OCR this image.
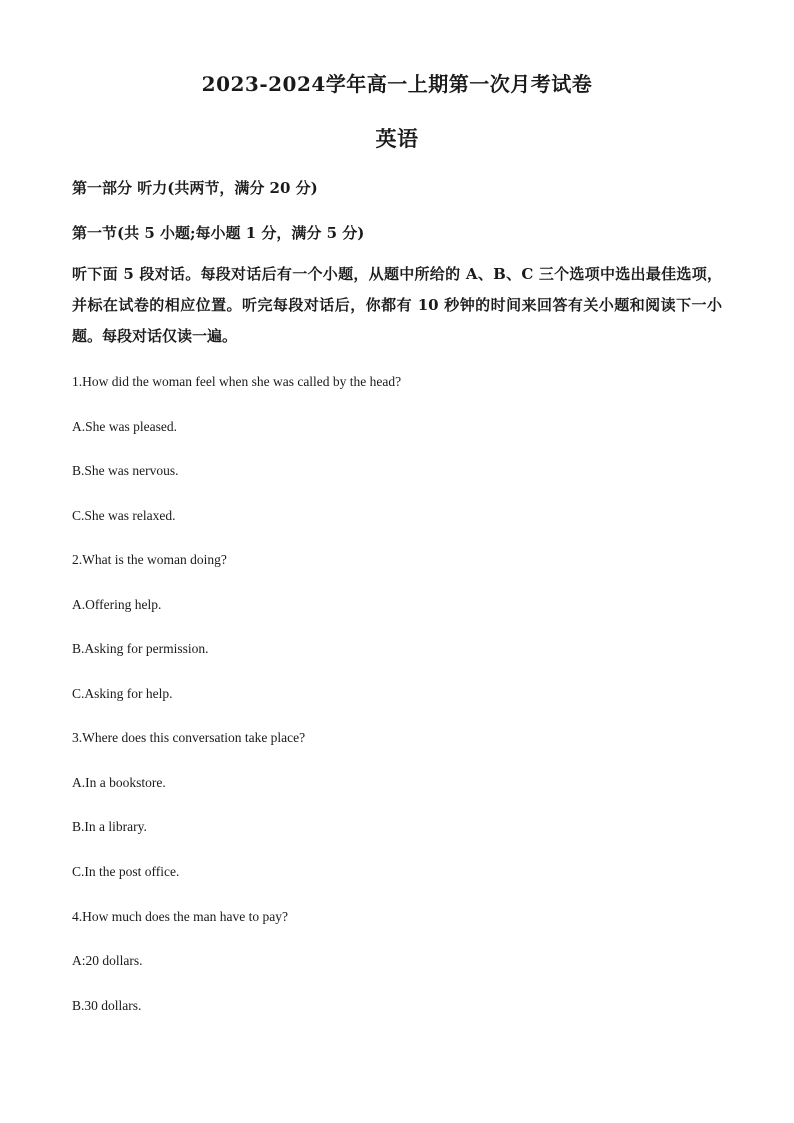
2023-2024学年高一上期第一次月考试卷
英语
第一部分 听力(共两节，满分 20 分)
第一节(共 5 小题;每小题 1 分，满分 5 分)
听下面 5 段对话。每段对话后有一个小题，从题中所给的 A、B、C 三个选项中选出最佳选项，并标在试卷的相应位置。听完每段对话后，你都有 10 秒钟的时间来回答有关小题和阅读下一小题。每段对话仅读一遍。
1.How did the woman feel when she was called by the head?
A.She was pleased.
B.She was nervous.
C.She was relaxed.
2.What is the woman doing?
A.Offering help.
B.Asking for permission.
C.Asking for help.
3.Where does this conversation take place?
A.In a bookstore.
B.In a library.
C.In the post office.
4.How much does the man have to pay?
A:20 dollars.
B.30 dollars.
